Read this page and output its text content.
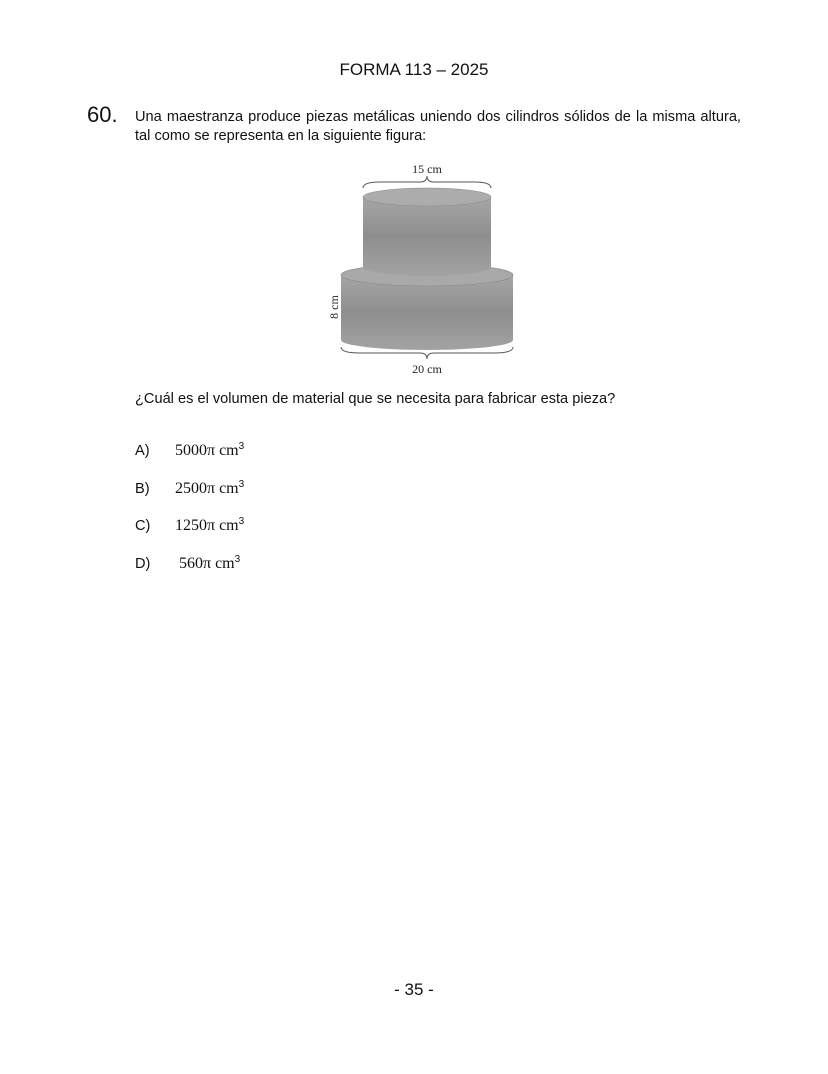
FORMA 113 – 2025
60. Una maestranza produce piezas metálicas uniendo dos cilindros sólidos de la misma altura, tal como se representa en la siguiente figura:
15 cm
20 cm
8 cm
¿Cuál es el volumen de material que se necesita para fabricar esta pieza?
A) 5000π $cm^3$
B) 2500π $cm^3$
C) 1250π $cm^3$
D) 560π $cm^3$
- 35 -
